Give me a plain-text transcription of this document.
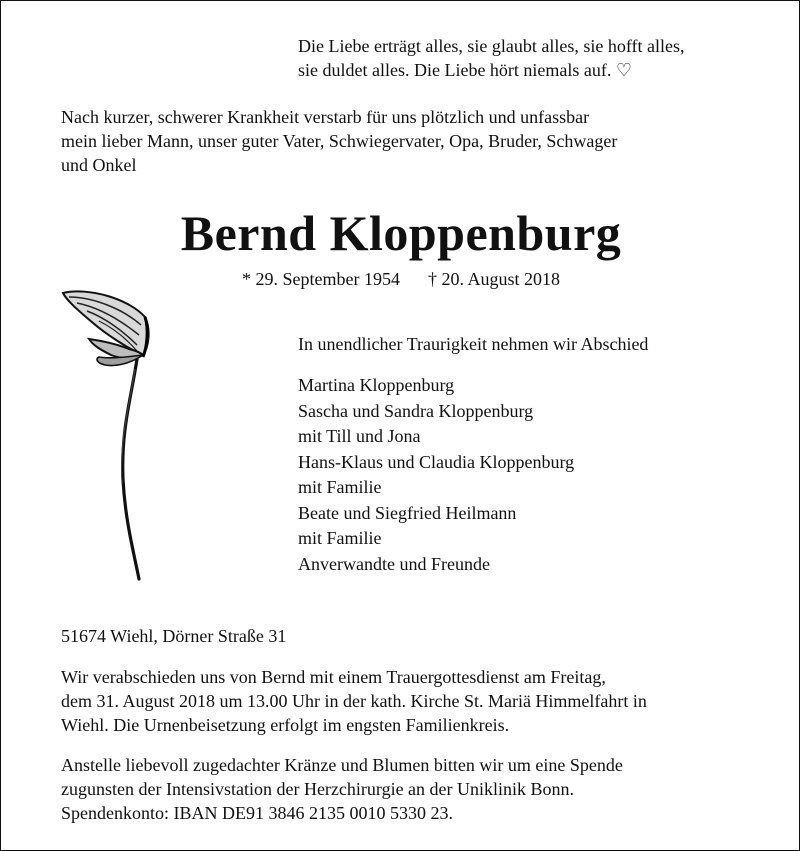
Die Liebe erträgt alles, sie glaubt alles, sie hofft alles,
sie duldet alles. Die Liebe hört niemals auf. ♡

Nach kurzer, schwerer Krankheit verstarb für uns plötzlich und unfassbar
mein lieber Mann, unser guter Vater, Schwiegervater, Opa, Bruder, Schwager
und Onkel

Bernd Kloppenburg
* 29. September 1954 † 20. August 2018

In unendlicher Traurigkeit nehmen wir Abschied

Martina Kloppenburg
Sascha und Sandra Kloppenburg
mit Till und Jona
Hans-Klaus und Claudia Kloppenburg
mit Familie
Beate und Siegfried Heilmann
mit Familie
Anverwandte und Freunde

51674 Wiehl, Dörner Straße 31

Wir verabschieden uns von Bernd mit einem Trauergottesdienst am Freitag,
dem 31. August 2018 um 13.00 Uhr in der kath. Kirche St. Mariä Himmelfahrt in
Wiehl. Die Urnenbeisetzung erfolgt im engsten Familienkreis.

Anstelle liebevoll zugedachter Kränze und Blumen bitten wir um eine Spende
zugunsten der Intensivstation der Herzchirurgie an der Uniklinik Bonn.
Spendenkonto: IBAN DE91 3846 2135 0010 5330 23.
